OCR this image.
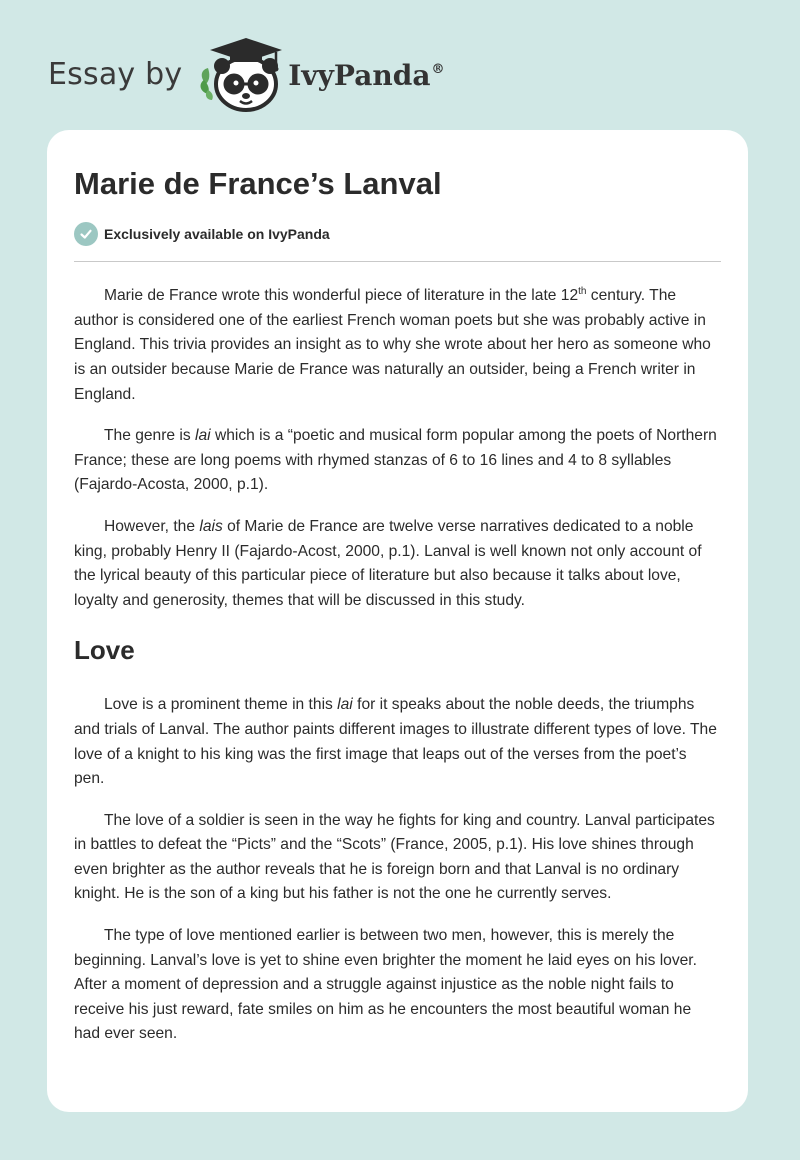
Essay by	IvyPanda®
Marie de France’s Lanval
Exclusively available on IvyPanda

Marie de France wrote this wonderful piece of literature in the late 12th century. The author is considered one of the earliest French woman poets but she was probably active in England. This trivia provides an insight as to why she wrote about her hero as someone who is an outsider because Marie de France was naturally an outsider, being a French writer in England.

The genre is lai which is a “poetic and musical form popular among the poets of Northern France; these are long poems with rhymed stanzas of 6 to 16 lines and 4 to 8 syllables (Fajardo-Acosta, 2000, p.1).

However, the lais of Marie de France are twelve verse narratives dedicated to a noble king, probably Henry II (Fajardo-Acost, 2000, p.1). Lanval is well known not only account of the lyrical beauty of this particular piece of literature but also because it talks about love, loyalty and generosity, themes that will be discussed in this study.

Love

Love is a prominent theme in this lai for it speaks about the noble deeds, the triumphs and trials of Lanval. The author paints different images to illustrate different types of love. The love of a knight to his king was the first image that leaps out of the verses from the poet’s pen.

The love of a soldier is seen in the way he fights for king and country. Lanval participates in battles to defeat the “Picts” and the “Scots” (France, 2005, p.1). His love shines through even brighter as the author reveals that he is foreign born and that Lanval is no ordinary knight. He is the son of a king but his father is not the one he currently serves.

The type of love mentioned earlier is between two men, however, this is merely the beginning. Lanval’s love is yet to shine even brighter the moment he laid eyes on his lover. After a moment of depression and a struggle against injustice as the noble night fails to receive his just reward, fate smiles on him as he encounters the most beautiful woman he had ever seen.
